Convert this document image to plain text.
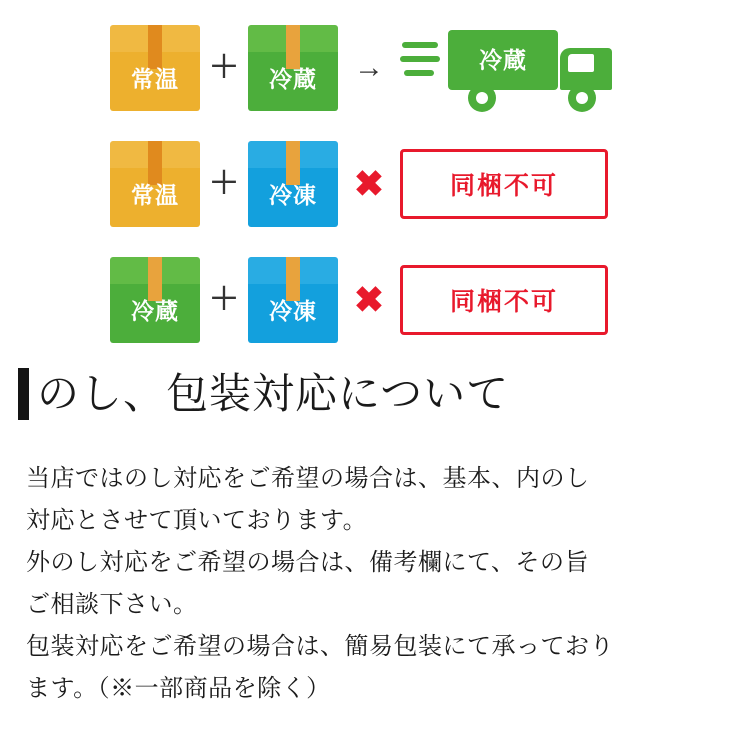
常温	＋	冷蔵	→	冷蔵
常温	＋	冷凍	✖	同梱不可
冷蔵	＋	冷凍	✖	同梱不可
のし、包装対応について

当店ではのし対応をご希望の場合は、基本、内のし

対応とさせて頂いております。

外のし対応をご希望の場合は、備考欄にて、その旨

ご相談下さい。

包装対応をご希望の場合は、簡易包装にて承っており

ます。（※一部商品を除く）
